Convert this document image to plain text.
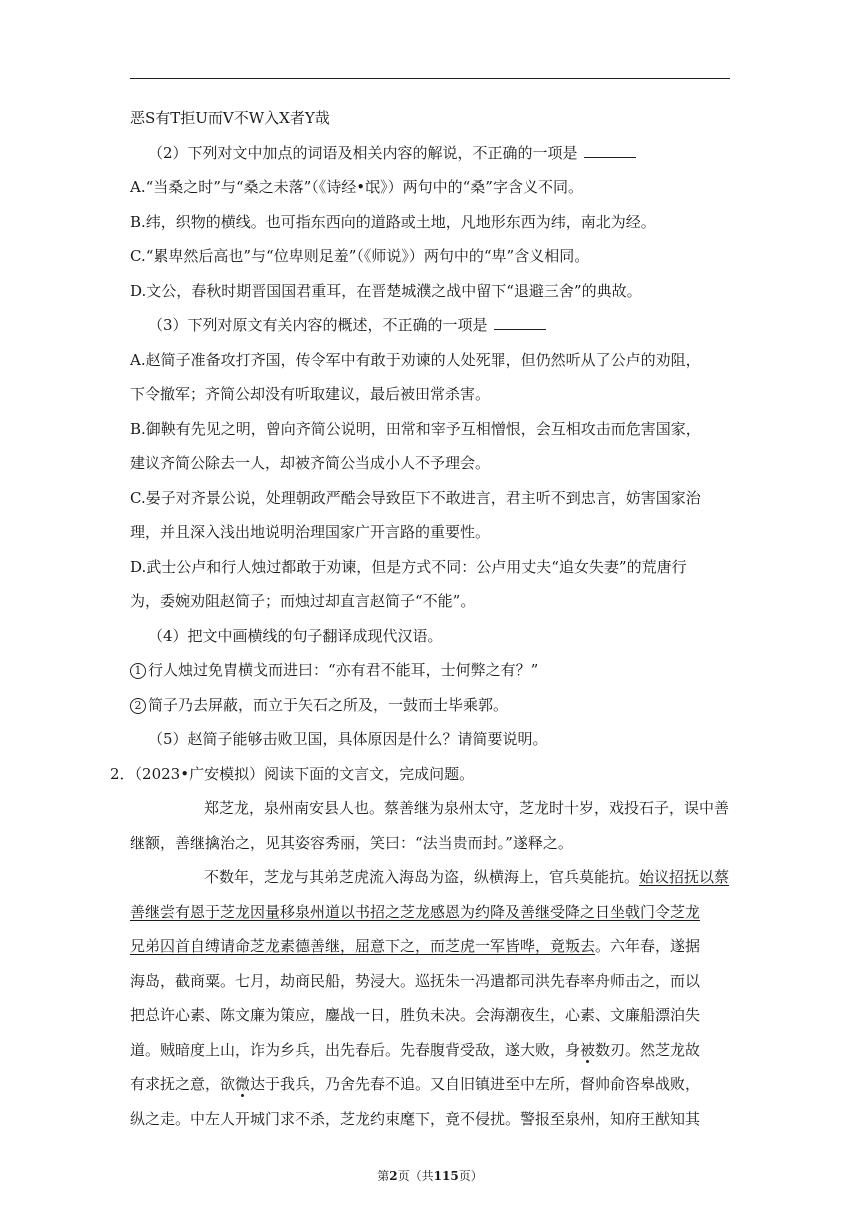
恶S有T拒U而V不W入X者Y哉
（2）下列对文中加点的词语及相关内容的解说，不正确的一项是
A.“当桑之时”与“桑之未落”（《诗经•氓》）两句中的“桑”字含义不同。
B.纬，织物的横线。也可指东西向的道路或土地，凡地形东西为纬，南北为经。
C.“累卑然后高也”与“位卑则足羞”（《师说》）两句中的“卑”含义相同。
D.文公，春秋时期晋国国君重耳，在晋楚城濮之战中留下“退避三舍”的典故。
（3）下列对原文有关内容的概述，不正确的一项是
A.赵简子准备攻打齐国，传令军中有敢于劝谏的人处死罪，但仍然听从了公卢的劝阻，
下令撤军；齐简公却没有听取建议，最后被田常杀害。
B.御鞅有先见之明，曾向齐简公说明，田常和宰予互相憎恨，会互相攻击而危害国家，
建议齐简公除去一人，却被齐简公当成小人不予理会。
C.晏子对齐景公说，处理朝政严酷会导致臣下不敢进言，君主听不到忠言，妨害国家治
理，并且深入浅出地说明治理国家广开言路的重要性。
D.武士公卢和行人烛过都敢于劝谏，但是方式不同：公卢用丈夫“追女失妻”的荒唐行
为，委婉劝阻赵简子；而烛过却直言赵简子“不能”。
（4）把文中画横线的句子翻译成现代汉语。
1 行人烛过免胄横戈而进曰：“亦有君不能耳，士何弊之有？”
2 简子乃去屏蔽，而立于矢石之所及，一鼓而士毕乘郭。
（5）赵简子能够击败卫国，具体原因是什么？请简要说明。
2．（2023•广安模拟）阅读下面的文言文，完成问题。
郑芝龙，泉州南安县人也。蔡善继为泉州太守，芝龙时十岁，戏投石子，误中善
继额，善继擒治之，见其姿容秀丽，笑曰：“法当贵而封。”遂释之。
不数年，芝龙与其弟芝虎流入海岛为盗，纵横海上，官兵莫能抗。始议招抚以蔡
善继尝有恩于芝龙因量移泉州道以书招之芝龙感恩为约降及善继受降之日坐戟门令芝龙
兄弟囚首自缚请命芝龙素德善继，屈意下之，而芝虎一军皆哗，竟叛去。六年春，遂据
海岛，截商粟。七月，劫商民船，势浸大。巡抚朱一冯遣都司洪先春率舟师击之，而以
把总许心素、陈文廉为策应，鏖战一日，胜负未决。会海潮夜生，心素、文廉船漂泊失
道。贼暗度上山，诈为乡兵，出先春后。先春腹背受敌，遂大败，身被数刃。然芝龙故
有求抚之意，欲微达于我兵，乃舍先春不追。又自旧镇进至中左所，督帅俞咨皋战败，
纵之走。中左人开城门求不杀，芝龙约束麾下，竟不侵扰。警报至泉州，知府王猷知其
第2页（共115页）
